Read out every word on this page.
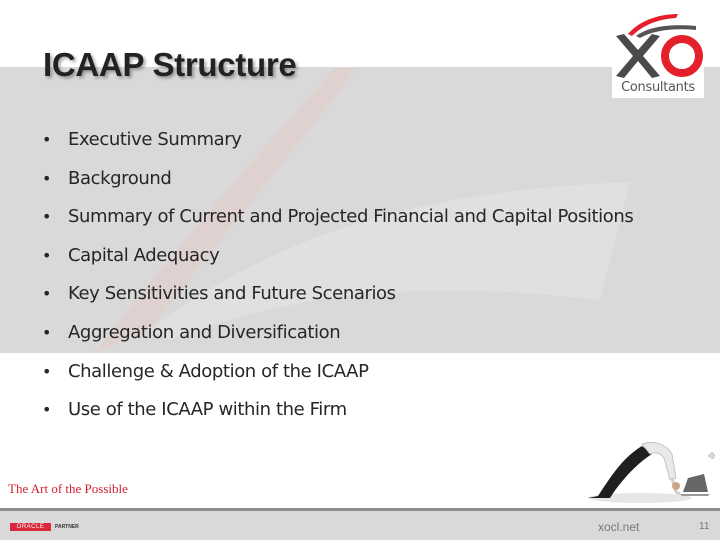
ICAAP Structure
Consultants
• Executive Summary
• Background
• Summary of Current and Projected Financial and Capital Positions
• Capital Adequacy
• Key Sensitivities and Future Scenarios
• Aggregation and Diversification
• Challenge & Adoption of the ICAAP
• Use of the ICAAP within the Firm
The Art of the Possible
ORACLE	PARTNER	xocl.net	11
